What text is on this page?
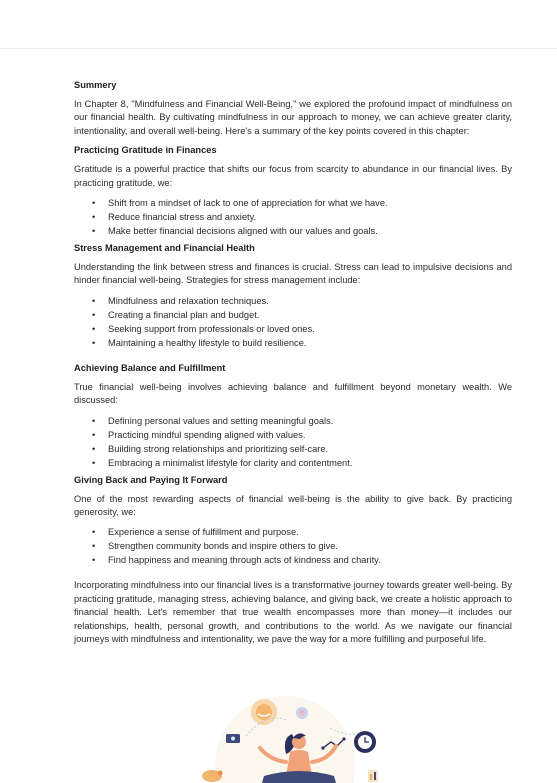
Summery

In Chapter 8, "Mindfulness and Financial Well-Being," we explored the profound impact of mindfulness on our financial health. By cultivating mindfulness in our approach to money, we can achieve greater clarity, intentionality, and overall well-being. Here's a summary of the key points covered in this chapter:

Practicing Gratitude in Finances

Gratitude is a powerful practice that shifts our focus from scarcity to abundance in our financial lives. By practicing gratitude, we:

• Shift from a mindset of lack to one of appreciation for what we have.
• Reduce financial stress and anxiety.
• Make better financial decisions aligned with our values and goals.
Stress Management and Financial Health

Understanding the link between stress and finances is crucial. Stress can lead to impulsive decisions and hinder financial well-being. Strategies for stress management include:

• Mindfulness and relaxation techniques.
• Creating a financial plan and budget.
• Seeking support from professionals or loved ones.
• Maintaining a healthy lifestyle to build resilience.
Achieving Balance and Fulfillment

True financial well-being involves achieving balance and fulfillment beyond monetary wealth. We discussed:

• Defining personal values and setting meaningful goals.
• Practicing mindful spending aligned with values.
• Building strong relationships and prioritizing self-care.
• Embracing a minimalist lifestyle for clarity and contentment.
Giving Back and Paying It Forward

One of the most rewarding aspects of financial well-being is the ability to give back. By practicing generosity, we:

• Experience a sense of fulfillment and purpose.
• Strengthen community bonds and inspire others to give.
• Find happiness and meaning through acts of kindness and charity.

Incorporating mindfulness into our financial lives is a transformative journey towards greater well-being. By practicing gratitude, managing stress, achieving balance, and giving back, we create a holistic approach to financial health. Let's remember that true wealth encompasses more than money—it includes our relationships, health, personal growth, and contributions to the world. As we navigate our financial journeys with mindfulness and intentionality, we pave the way for a more fulfilling and purposeful life.
